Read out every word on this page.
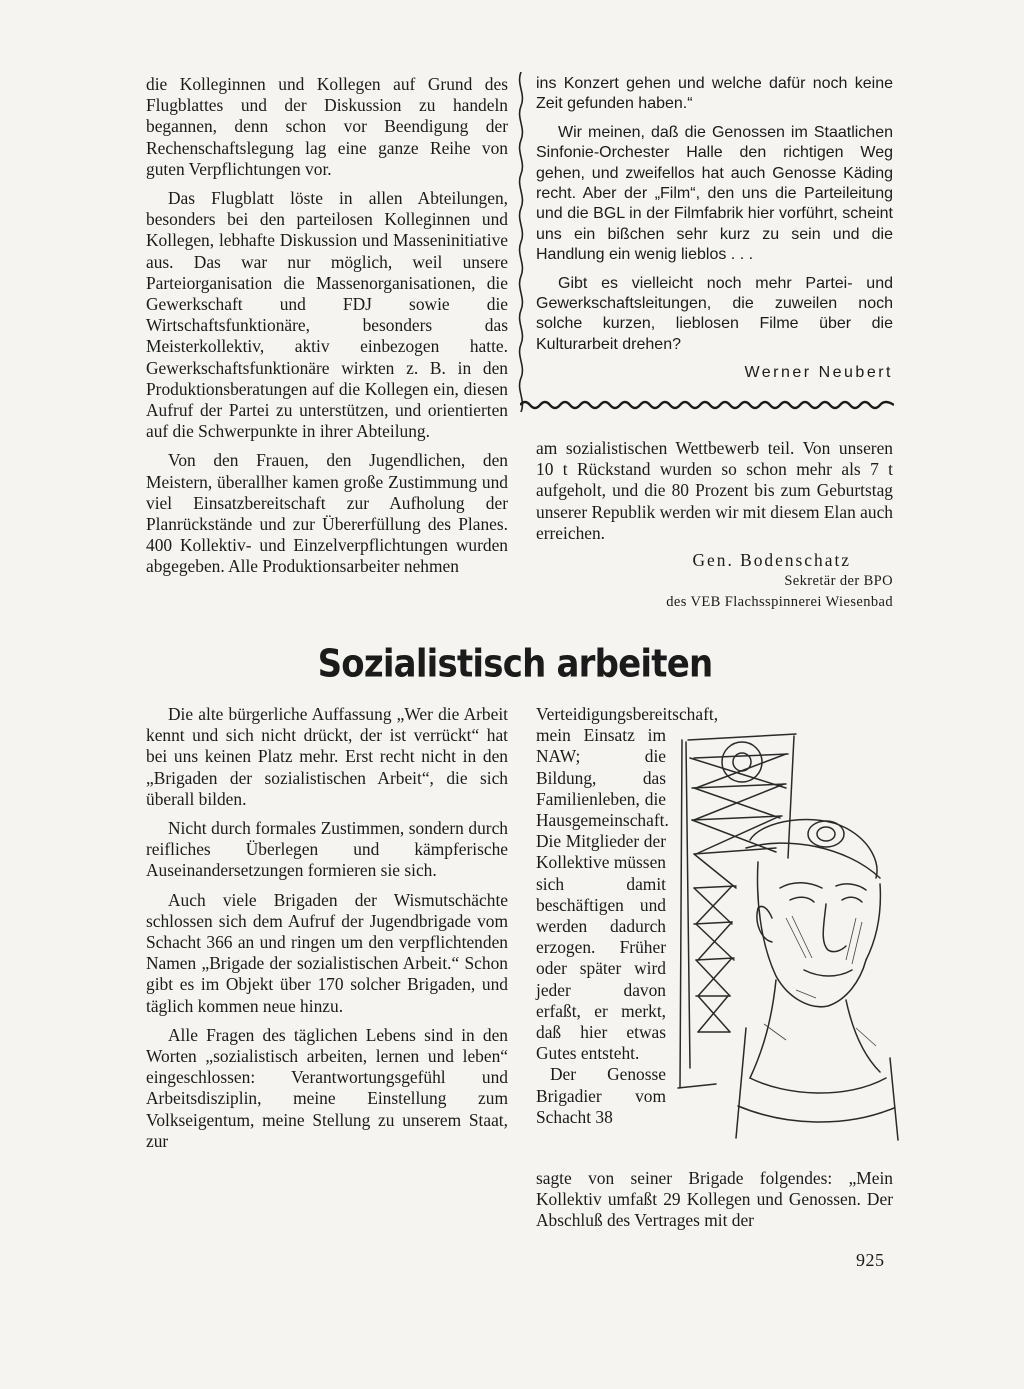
die Kolleginnen und Kollegen auf Grund des Flugblattes und der Diskussion zu handeln begannen, denn schon vor Beendigung der Rechenschaftslegung lag eine ganze Reihe von guten Verpflichtungen vor.

Das Flugblatt löste in allen Abteilungen, besonders bei den parteilosen Kolleginnen und Kollegen, lebhafte Diskussion und Masseninitiative aus. Das war nur möglich, weil unsere Parteiorganisation die Massenorganisationen, die Gewerkschaft und FDJ sowie die Wirtschaftsfunktionäre, besonders das Meisterkollektiv, aktiv einbezogen hatte. Gewerkschaftsfunktionäre wirkten z. B. in den Produktionsberatungen auf die Kollegen ein, diesen Aufruf der Partei zu unterstützen, und orientierten auf die Schwerpunkte in ihrer Abteilung.

Von den Frauen, den Jugendlichen, den Meistern, überallher kamen große Zustimmung und viel Einsatzbereitschaft zur Aufholung der Planrückstände und zur Übererfüllung des Planes. 400 Kollektiv- und Einzelverpflichtungen wurden abgegeben. Alle Produktionsarbeiter nehmen

ins Konzert gehen und welche dafür noch keine Zeit gefunden haben.“

Wir meinen, daß die Genossen im Staatlichen Sinfonie-Orchester Halle den richtigen Weg gehen, und zweifellos hat auch Genosse Käding recht. Aber der „Film“, den uns die Parteileitung und die BGL in der Filmfabrik hier vorführt, scheint uns ein bißchen sehr kurz zu sein und die Handlung ein wenig lieblos . . .

Gibt es vielleicht noch mehr Partei- und Gewerkschaftsleitungen, die zuweilen noch solche kurzen, lieblosen Filme über die Kulturarbeit drehen?

Werner Neubert

am sozialistischen Wettbewerb teil. Von unseren 10 t Rückstand wurden so schon mehr als 7 t aufgeholt, und die 80 Prozent bis zum Geburtstag unserer Republik werden wir mit diesem Elan auch erreichen.

Gen. Bodenschatz
Sekretär der BPO
des VEB Flachsspinnerei Wiesenbad
Sozialistisch arbeiten

Die alte bürgerliche Auffassung „Wer die Arbeit kennt und sich nicht drückt, der ist verrückt“ hat bei uns keinen Platz mehr. Erst recht nicht in den „Brigaden der sozialistischen Arbeit“, die sich überall bilden.

Nicht durch formales Zustimmen, sondern durch reifliches Überlegen und kämpferische Auseinandersetzungen formieren sie sich.

Auch viele Brigaden der Wismutschächte schlossen sich dem Aufruf der Jugendbrigade vom Schacht 366 an und ringen um den verpflichtenden Namen „Brigade der sozialistischen Arbeit.“ Schon gibt es im Objekt über 170 solcher Brigaden, und täglich kommen neue hinzu.

Alle Fragen des täglichen Lebens sind in den Worten „sozialistisch arbeiten, lernen und leben“ eingeschlossen: Verantwortungsgefühl und Arbeitsdisziplin, meine Einstellung zum Volkseigentum, meine Stellung zu unserem Staat, zur

Verteidigungsbereitschaft, mein Einsatz im NAW; die Bildung, das Familienleben, die Hausgemeinschaft. Die Mitglieder der Kollektive müssen sich damit beschäftigen und werden dadurch erzogen. Früher oder später wird jeder davon erfaßt, er merkt, daß hier etwas Gutes entsteht.

Der Genosse Brigadier vom Schacht 38

sagte von seiner Brigade folgendes: „Mein Kollektiv umfaßt 29 Kollegen und Genossen. Der Abschluß des Vertrages mit der

925
